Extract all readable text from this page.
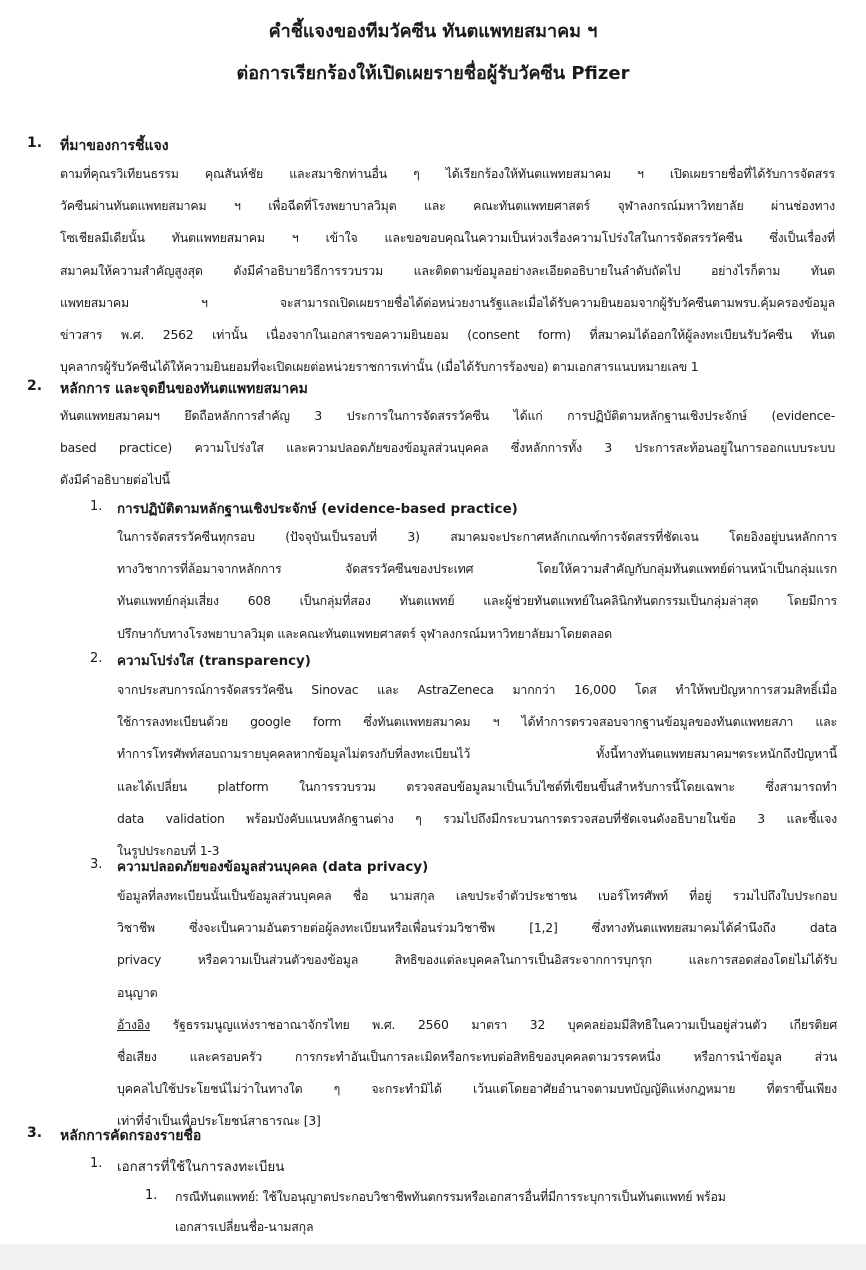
คำชี้แจงของทีมวัคซีน ทันตแพทยสมาคม ฯ
ต่อการเรียกร้องให้เปิดเผยรายชื่อผู้รับวัคซีน Pfizer
1. ที่มาของการชี้แจง
ตามที่คุณรวิเทียนธรรม คุณสันห์ชัย และสมาชิกท่านอื่น ๆ ได้เรียกร้องให้ทันตแพทยสมาคม ฯ เปิดเผยรายชื่อที่ได้รับการจัดสรร
วัคซีนผ่านทันตแพทยสมาคม ฯ เพื่อฉีดที่โรงพยาบาลวิมุต และ คณะทันตแพทยศาสตร์ จุฬาลงกรณ์มหาวิทยาลัย ผ่านช่องทาง
โซเชียลมีเดียนั้น ทันตแพทยสมาคม ฯ เข้าใจ และขอขอบคุณในความเป็นห่วงเรื่องความโปร่งใสในการจัดสรรวัคซีน ซึ่งเป็นเรื่องที่
สมาคมให้ความสำคัญสูงสุด ดังมีคำอธิบายวิธีการรวบรวม และติดตามข้อมูลอย่างละเอียดอธิบายในลำดับถัดไป อย่างไรก็ตาม ทันต
แพทยสมาคม ฯ จะสามารถเปิดเผยรายชื่อได้ต่อหน่วยงานรัฐและเมื่อได้รับความยินยอมจากผู้รับวัคซีนตามพรบ.คุ้มครองข้อมูล
ข่าวสาร พ.ศ. 2562 เท่านั้น เนื่องจากในเอกสารขอความยินยอม (consent form) ที่สมาคมได้ออกให้ผู้ลงทะเบียนรับวัคซีน ทันต
บุคลากรผู้รับวัคซีนได้ให้ความยินยอมที่จะเปิดเผยต่อหน่วยราชการเท่านั้น (เมื่อได้รับการร้องขอ) ตามเอกสารแนบหมายเลข 1
2. หลักการ และจุดยืนของทันตแพทยสมาคม
ทันตแพทยสมาคมฯ ยึดถือหลักการสำคัญ 3 ประการในการจัดสรรวัคซีน ได้แก่ การปฏิบัติตามหลักฐานเชิงประจักษ์ (evidence-
based practice) ความโปร่งใส และความปลอดภัยของข้อมูลส่วนบุคคล ซึ่งหลักการทั้ง 3 ประการสะท้อนอยู่ในการออกแบบระบบ
ดังมีคำอธิบายต่อไปนี้
1. การปฏิบัติตามหลักฐานเชิงประจักษ์ (evidence-based practice)
ในการจัดสรรวัคซีนทุกรอบ (ปัจจุบันเป็นรอบที่ 3) สมาคมจะประกาศหลักเกณฑ์การจัดสรรที่ชัดเจน โดยอิงอยู่บนหลักการ
ทางวิชาการที่ล้อมาจากหลักการ จัดสรรวัคซีนของประเทศ โดยให้ความสำคัญกับกลุ่มทันตแพทย์ด่านหน้าเป็นกลุ่มแรก
ทันตแพทย์กลุ่มเสี่ยง 608 เป็นกลุ่มที่สอง ทันตแพทย์ และผู้ช่วยทันตแพทย์ในคลินิกทันตกรรมเป็นกลุ่มล่าสุด โดยมีการ
ปรึกษากับทางโรงพยาบาลวิมุต และคณะทันตแพทยศาสตร์ จุฬาลงกรณ์มหาวิทยาลัยมาโดยตลอด
2. ความโปร่งใส (transparency)
จากประสบการณ์การจัดสรรวัคซีน Sinovac และ AstraZeneca มากกว่า 16,000 โดส ทำให้พบปัญหาการสวมสิทธิ์เมื่อ
ใช้การลงทะเบียนด้วย google form ซึ่งทันตแพทยสมาคม ฯ ได้ทำการตรวจสอบจากฐานข้อมูลของทันตแพทยสภา และ
ทำการโทรศัพท์สอบถามรายบุคคลหากข้อมูลไม่ตรงกับที่ลงทะเบียนไว้ ทั้งนี้ทางทันตแพทยสมาคมฯตระหนักถึงปัญหานี้
และได้เปลี่ยน platform ในการรวบรวม ตรวจสอบข้อมูลมาเป็นเว็บไซต์ที่เขียนขึ้นสำหรับการนี้โดยเฉพาะ ซึ่งสามารถทำ
data validation พร้อมบังคับแนบหลักฐานต่าง ๆ รวมไปถึงมีกระบวนการตรวจสอบที่ชัดเจนดังอธิบายในข้อ 3 และชี้แจง
ในรูปประกอบที่ 1-3
3. ความปลอดภัยของข้อมูลส่วนบุคคล (data privacy)
ข้อมูลที่ลงทะเบียนนั้นเป็นข้อมูลส่วนบุคคล ชื่อ นามสกุล เลขประจำตัวประชาชน เบอร์โทรศัพท์ ที่อยู่ รวมไปถึงใบประกอบ
วิชาชีพ ซึ่งจะเป็นความอันตรายต่อผู้ลงทะเบียนหรือเพื่อนร่วมวิชาชีพ [1,2] ซึ่งทางทันตแพทยสมาคมได้คำนึงถึง data
privacy หรือความเป็นส่วนตัวของข้อมูล สิทธิของแต่ละบุคคลในการเป็นอิสระจากการบุกรุก และการสอดส่องโดยไม่ได้รับ
อนุญาต
อ้างอิง รัฐธรรมนูญแห่งราชอาณาจักรไทย พ.ศ. 2560 มาตรา 32 บุคคลย่อมมีสิทธิในความเป็นอยู่ส่วนตัว เกียรติยศ
ชื่อเสียง และครอบครัว การกระทำอันเป็นการละเมิดหรือกระทบต่อสิทธิของบุคคลตามวรรคหนึ่ง หรือการนำข้อมูล ส่วน
บุคคลไปใช้ประโยชน์ไม่ว่าในทางใด ๆ จะกระทำมิได้ เว้นแต่โดยอาศัยอำนาจตามบทบัญญัติแห่งกฎหมาย ที่ตราขึ้นเพียง
เท่าที่จำเป็นเพื่อประโยชน์สาธารณะ [3]
3. หลักการคัดกรองรายชื่อ
1. เอกสารที่ใช้ในการลงทะเบียน
1. กรณีทันตแพทย์: ใช้ใบอนุญาตประกอบวิชาชีพทันตกรรมหรือเอกสารอื่นที่มีการระบุการเป็นทันตแพทย์ พร้อม
เอกสารเปลี่ยนชื่อ-นามสกุล
